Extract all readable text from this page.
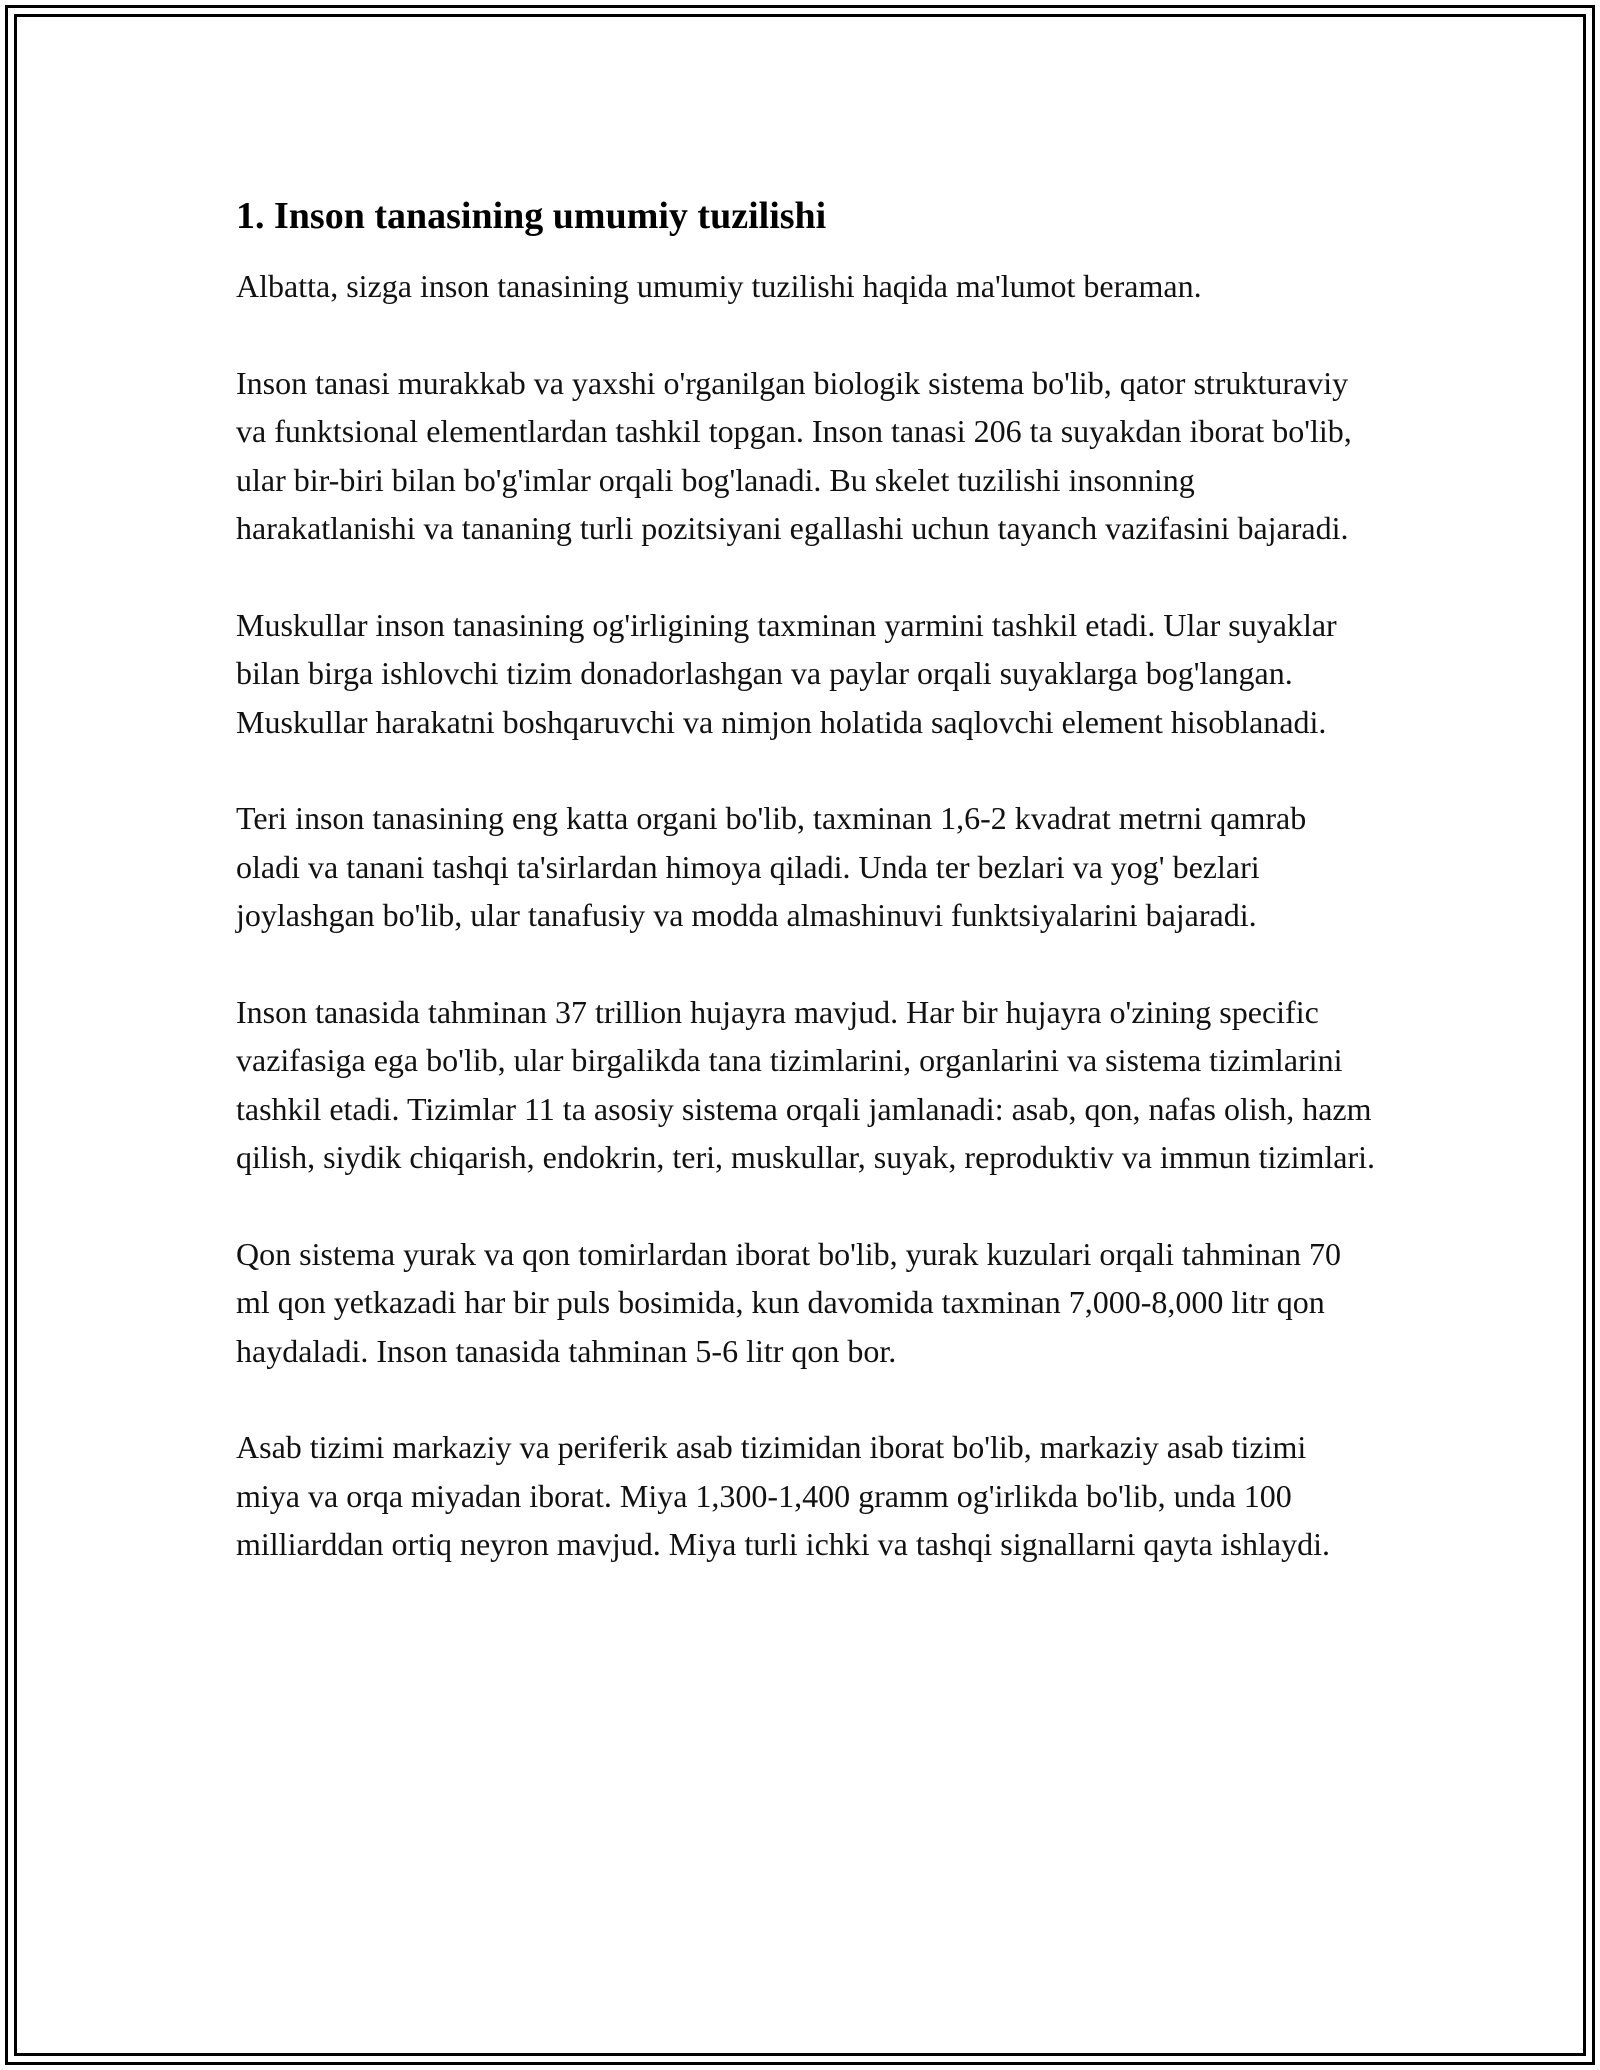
1. Inson tanasining umumiy tuzilishi

Albatta, sizga inson tanasining umumiy tuzilishi haqida ma'lumot beraman.

Inson tanasi murakkab va yaxshi o'rganilgan biologik sistema bo'lib, qator strukturaviy va funktsional elementlardan tashkil topgan. Inson tanasi 206 ta suyakdan iborat bo'lib, ular bir-biri bilan bo'g'imlar orqali bog'lanadi. Bu skelet tuzilishi insonning harakatlanishi va tananing turli pozitsiyani egallashi uchun tayanch vazifasini bajaradi.

Muskullar inson tanasining og'irligining taxminan yarmini tashkil etadi. Ular suyaklar bilan birga ishlovchi tizim donadorlashgan va paylar orqali suyaklarga bog'langan. Muskullar harakatni boshqaruvchi va nimjon holatida saqlovchi element hisoblanadi.

Teri inson tanasining eng katta organi bo'lib, taxminan 1,6-2 kvadrat metrni qamrab oladi va tanani tashqi ta'sirlardan himoya qiladi. Unda ter bezlari va yog' bezlari joylashgan bo'lib, ular tanafusiy va modda almashinuvi funktsiyalarini bajaradi.

Inson tanasida tahminan 37 trillion hujayra mavjud. Har bir hujayra o'zining specific vazifasiga ega bo'lib, ular birgalikda tana tizimlarini, organlarini va sistema tizimlarini tashkil etadi. Tizimlar 11 ta asosiy sistema orqali jamlanadi: asab, qon, nafas olish, hazm qilish, siydik chiqarish, endokrin, teri, muskullar, suyak, reproduktiv va immun tizimlari.

Qon sistema yurak va qon tomirlardan iborat bo'lib, yurak kuzulari orqali tahminan 70 ml qon yetkazadi har bir puls bosimida, kun davomida taxminan 7,000-8,000 litr qon haydaladi. Inson tanasida tahminan 5-6 litr qon bor.

Asab tizimi markaziy va periferik asab tizimidan iborat bo'lib, markaziy asab tizimi miya va orqa miyadan iborat. Miya 1,300-1,400 gramm og'irlikda bo'lib, unda 100 milliarddan ortiq neyron mavjud. Miya turli ichki va tashqi signallarni qayta ishlaydi.
